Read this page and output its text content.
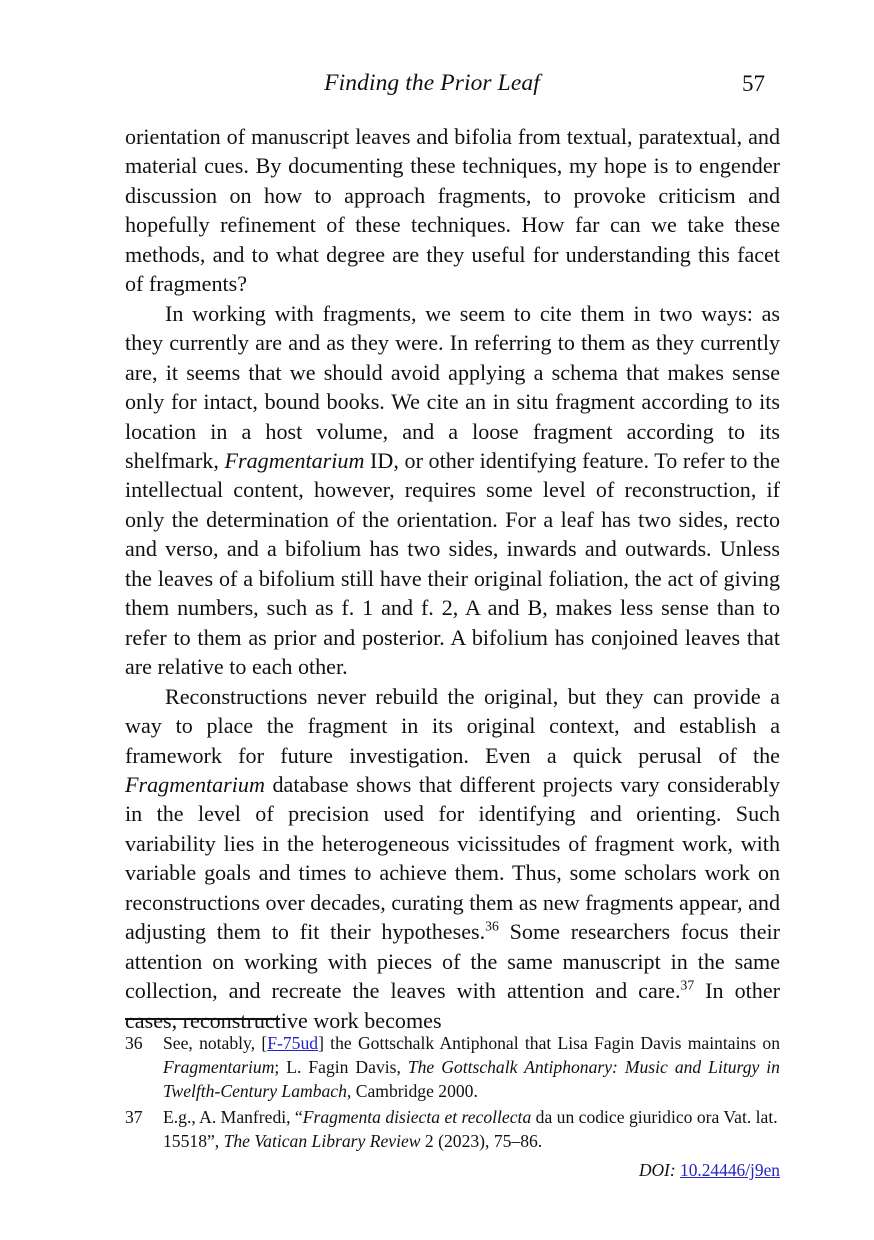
Finding the Prior Leaf	57

orientation of manuscript leaves and bifolia from textual, paratextual, and material cues. By documenting these techniques, my hope is to engender discussion on how to approach fragments, to provoke criticism and hopefully refinement of these techniques. How far can we take these methods, and to what degree are they useful for understanding this facet of fragments?

In working with fragments, we seem to cite them in two ways: as they currently are and as they were. In referring to them as they currently are, it seems that we should avoid applying a schema that makes sense only for intact, bound books. We cite an in situ fragment according to its location in a host volume, and a loose fragment according to its shelfmark, Fragmentarium ID, or other identifying feature. To refer to the intellectual content, however, requires some level of reconstruction, if only the determination of the orientation. For a leaf has two sides, recto and verso, and a bifolium has two sides, inwards and outwards. Unless the leaves of a bifolium still have their original foliation, the act of giving them numbers, such as f. 1 and f. 2, A and B, makes less sense than to refer to them as prior and posterior. A bifolium has conjoined leaves that are relative to each other.

Reconstructions never rebuild the original, but they can provide a way to place the fragment in its original context, and establish a framework for future investigation. Even a quick perusal of the Fragmentarium database shows that different projects vary considerably in the level of precision used for identifying and orienting. Such variability lies in the heterogeneous vicissitudes of fragment work, with variable goals and times to achieve them. Thus, some scholars work on reconstructions over decades, curating them as new fragments appear, and adjusting them to fit their hypotheses.$^{36}$ Some researchers focus their attention on working with pieces of the same manuscript in the same collection, and recreate the leaves with attention and care.$^{37}$ In other cases, reconstructive work becomes

36	See, notably, [F-75ud] the Gottschalk Antiphonal that Lisa Fagin Davis maintains on Fragmentarium; L. Fagin Davis, The Gottschalk Antiphonary: Music and Liturgy in Twelfth-Century Lambach, Cambridge 2000.
37	E.g., A. Manfredi, “Fragmenta disiecta et recollecta da un codice giuridico ora Vat. lat. 15518”, The Vatican Library Review 2 (2023), 75–86.
DOI: 10.24446/j9en
